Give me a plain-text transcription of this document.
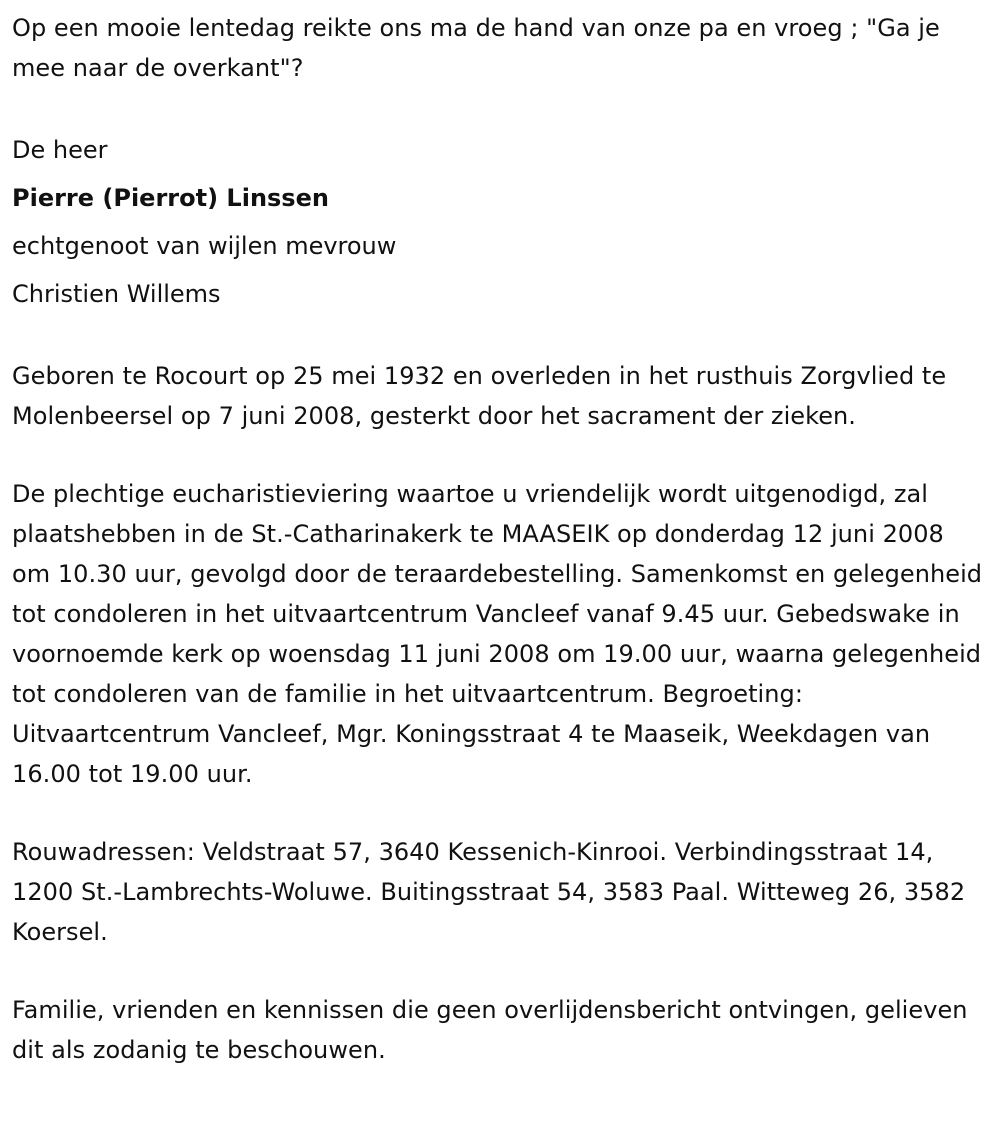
Op een mooie lentedag reikte ons ma de hand van onze pa en vroeg ; "Ga je mee naar de overkant"?

De heer

Pierre (Pierrot) Linssen

echtgenoot van wijlen mevrouw

Christien Willems

Geboren te Rocourt op 25 mei 1932 en overleden in het rusthuis Zorgvlied te Molenbeersel op 7 juni 2008, gesterkt door het sacrament der zieken.

De plechtige eucharistieviering waartoe u vriendelijk wordt uitgenodigd, zal plaatshebben in de St.-Catharinakerk te MAASEIK op donderdag 12 juni 2008 om 10.30 uur, gevolgd door de teraardebestelling. Samenkomst en gelegenheid tot condoleren in het uitvaartcentrum Vancleef vanaf 9.45 uur. Gebedswake in voornoemde kerk op woensdag 11 juni 2008 om 19.00 uur, waarna gelegenheid tot condoleren van de familie in het uitvaartcentrum. Begroeting: Uitvaartcentrum Vancleef, Mgr. Koningsstraat 4 te Maaseik, Weekdagen van 16.00 tot 19.00 uur.

Rouwadressen: Veldstraat 57, 3640 Kessenich-Kinrooi. Verbindingsstraat 14, 1200 St.-Lambrechts-Woluwe. Buitingsstraat 54, 3583 Paal. Witteweg 26, 3582 Koersel.

Familie, vrienden en kennissen die geen overlijdensbericht ontvingen, gelieven dit als zodanig te beschouwen.
